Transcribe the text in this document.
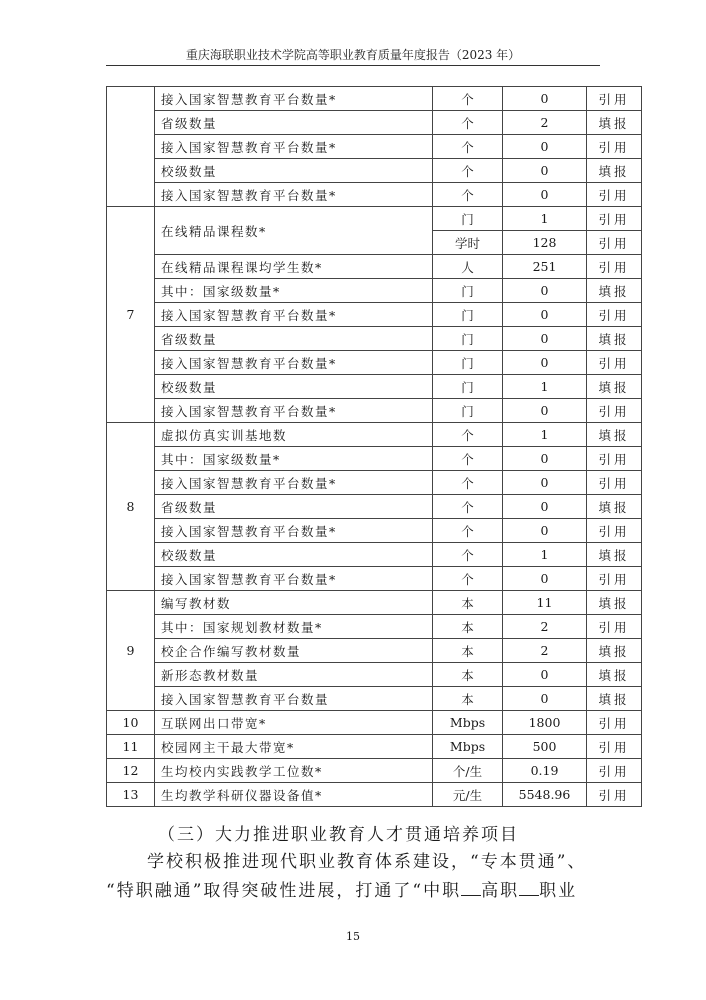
重庆海联职业技术学院高等职业教育质量年度报告（2023 年）
	接入国家智慧教育平台数量*	个	0	引用
	省级数量	个	2	填报
	接入国家智慧教育平台数量*	个	0	引用
	校级数量	个	0	填报
	接入国家智慧教育平台数量*	个	0	引用
7	在线精品课程数*	门	1	引用
		学时	128	引用
	在线精品课程课均学生数*	人	251	引用
	其中：国家级数量*	门	0	填报
	接入国家智慧教育平台数量*	门	0	引用
	省级数量	门	0	填报
	接入国家智慧教育平台数量*	门	0	引用
	校级数量	门	1	填报
	接入国家智慧教育平台数量*	门	0	引用
8	虚拟仿真实训基地数	个	1	填报
	其中：国家级数量*	个	0	引用
	接入国家智慧教育平台数量*	个	0	引用
	省级数量	个	0	填报
	接入国家智慧教育平台数量*	个	0	引用
	校级数量	个	1	填报
	接入国家智慧教育平台数量*	个	0	引用
9	编写教材数	本	11	填报
	其中：国家规划教材数量*	本	2	引用
	校企合作编写教材数量	本	2	填报
	新形态教材数量	本	0	填报
	接入国家智慧教育平台数量	本	0	填报
10	互联网出口带宽*	Mbps	1800	引用
11	校园网主干最大带宽*	Mbps	500	引用
12	生均校内实践教学工位数*	个/生	0.19	引用
13	生均教学科研仪器设备值*	元/生	5548.96	引用
（三）大力推进职业教育人才贯通培养项目
学校积极推进现代职业教育体系建设，“专本贯通”、
“特职融通”取得突破性进展，打通了“中职 高职 职业
15
